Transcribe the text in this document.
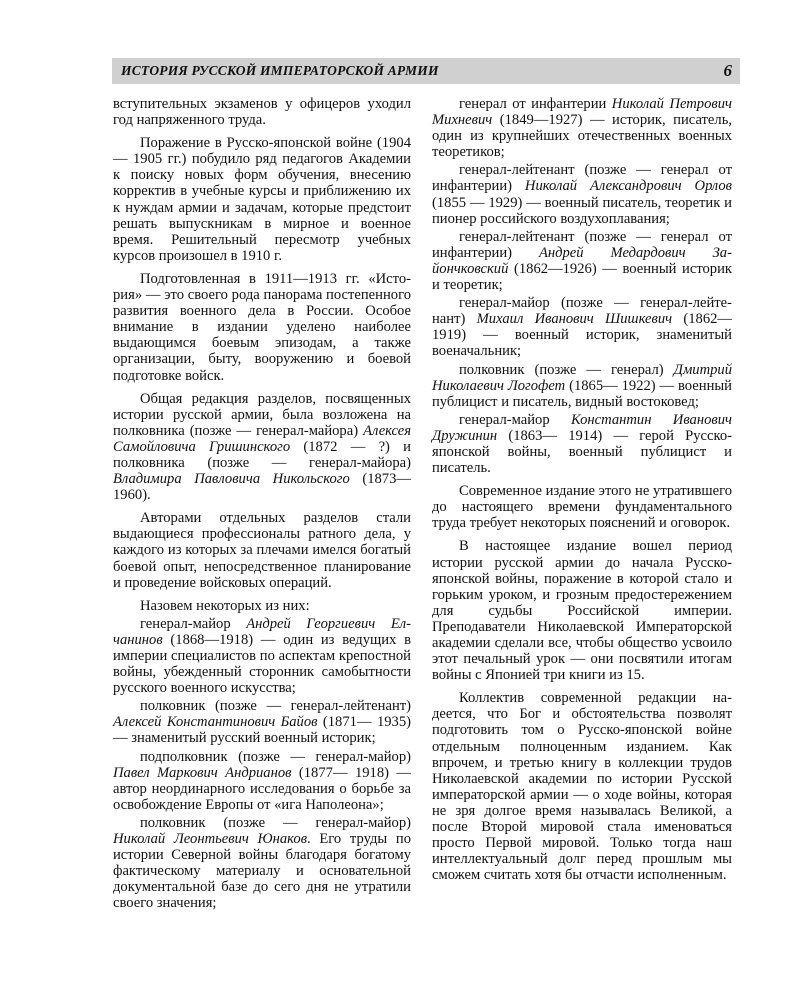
ИСТОРИЯ РУССКОЙ ИМПЕРАТОРСКОЙ АРМИИ	6

вступительных экзаменов у офицеров уходил год напряженного труда.

Поражение в Русско-японской войне (1904— 1905 гг.) побудило ряд педагогов Академии к поиску новых форм обучения, внесению корректив в учебные курсы и приближению их к нуждам армии и задачам, которые предстоит решать выпускникам в мирное и военное время. Решительный пересмотр учебных курсов произошел в 1910 г.

Подготовленная в 1911—1913 гг. «История» — это своего рода панорама постепенного развития военного дела в России. Особое внимание в издании уделено наиболее выдающимся боевым эпизодам, а также организации, быту, вооружению и боевой подготовке войск.

Общая редакция разделов, посвященных истории русской армии, была возложена на полковника (позже — генерал-майора) Алексея Самойловича Гришинского (1872 — ?) и полковника (позже — генерал-майора) Владимира Павловича Никольского (1873—1960).

Авторами отдельных разделов стали выдающиеся профессионалы ратного дела, у каждого из которых за плечами имелся богатый боевой опыт, непосредственное планирование и проведение войсковых операций.

Назовем некоторых из них:

генерал-майор Андрей Георгиевич Елчанинов (1868—1918) — один из ведущих в империи специалистов по аспектам крепостной войны, убежденный сторонник самобытности русского военного искусства;

полковник (позже — генерал-лейтенант) Алексей Константинович Байов (1871— 1935) — знаменитый русский военный историк;

подполковник (позже — генерал-майор) Павел Маркович Андрианов (1877— 1918) — автор неординарного исследования о борьбе за освобождение Европы от «ига Наполеона»;

полковник (позже — генерал-майор) Николай Леонтьевич Юнаков. Его труды по истории Северной войны благодаря богатому фактическому материалу и основательной документальной базе до сего дня не утратили своего значения;

генерал от инфантерии Николай Петрович Михневич (1849—1927) — историк, писатель, один из крупнейших отечественных военных теоретиков;

генерал-лейтенант (позже — генерал от инфантерии) Николай Александрович Орлов (1855 — 1929) — военный писатель, теоретик и пионер российского воздухоплавания;

генерал-лейтенант (позже — генерал от инфантерии) Андрей Медардович Зайончковский (1862—1926) — военный историк и теоретик;

генерал-майор (позже — генерал-лейтенант) Михаил Иванович Шишкевич (1862— 1919) — военный историк, знаменитый военачальник;

полковник (позже — генерал) Дмитрий Николаевич Логофет (1865— 1922) — военный публицист и писатель, видный востоковед;

генерал-майор Константин Иванович Дружинин (1863— 1914) — герой Русско-японской войны, военный публицист и писатель.

Современное издание этого не утратившего до настоящего времени фундаментального труда требует некоторых пояснений и оговорок.

В настоящее издание вошел период истории русской армии до начала Русско-японской войны, поражение в которой стало и горьким уроком, и грозным предостережением для судьбы Российской империи. Преподаватели Николаевской Императорской академии сделали все, чтобы общество усвоило этот печальный урок — они посвятили итогам войны с Японией три книги из 15.

Коллектив современной редакции надеется, что Бог и обстоятельства позволят подготовить том о Русско-японской войне отдельным полноценным изданием. Как впрочем, и третью книгу в коллекции трудов Николаевской академии по истории Русской императорской армии — о ходе войны, которая не зря долгое время называлась Великой, а после Второй мировой стала именоваться просто Первой мировой. Только тогда наш интеллектуальный долг перед прошлым мы сможем считать хотя бы отчасти исполненным.
